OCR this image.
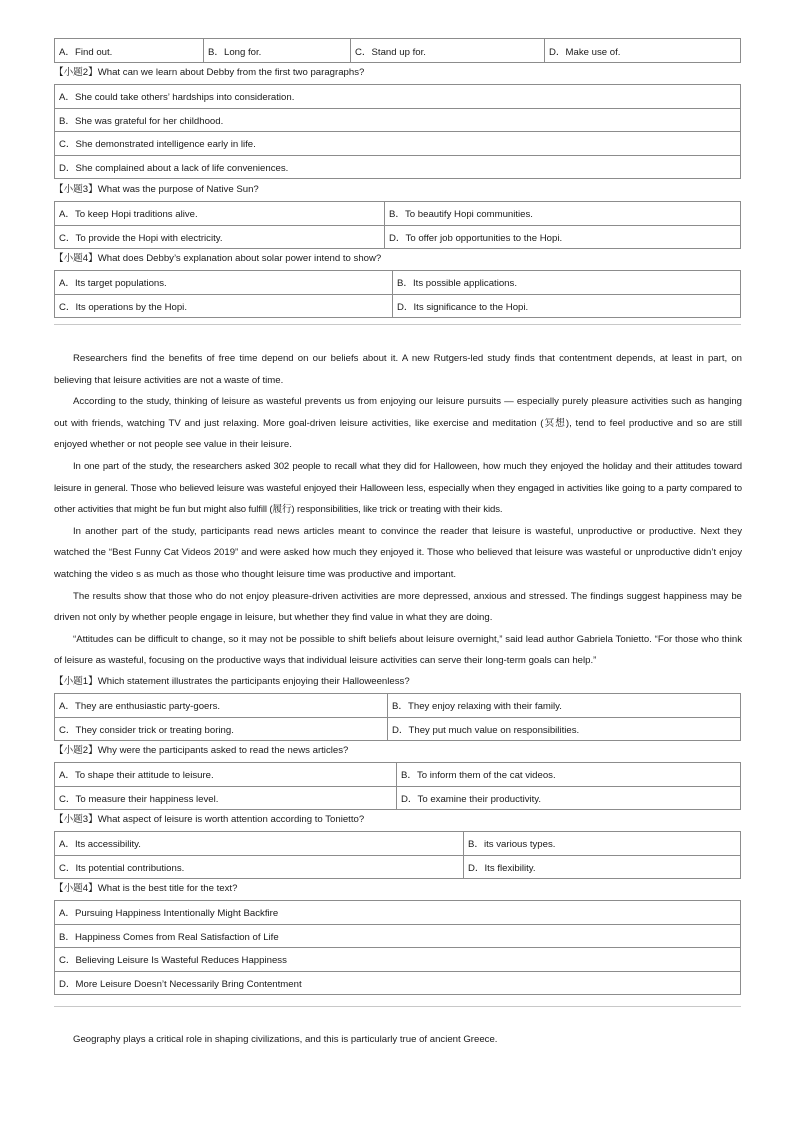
A．Find out.	B．Long for.	C．Stand up for.	D．Make use of.
【小题2】What can we learn about Debby from the first two paragraphs?
A．She could take others’ hardships into consideration.
B．She was grateful for her childhood.
C．She demonstrated intelligence early in life.
D．She complained about a lack of life conveniences.
【小题3】What was the purpose of Native Sun?
A．To keep Hopi traditions alive.	B．To beautify Hopi communities.
C．To provide the Hopi with electricity.	D．To offer job opportunities to the Hopi.
【小题4】What does Debby’s explanation about solar power intend to show?
A．Its target populations.	B．Its possible applications.
C．Its operations by the Hopi.	D．Its significance to the Hopi.

Researchers find the benefits of free time depend on our beliefs about it. A new Rutgers-led study finds that contentment depends, at least in part, on believing that leisure activities are not a waste of time.

According to the study, thinking of leisure as wasteful prevents us from enjoying our leisure pursuits — especially purely pleasure activities such as hanging out with friends, watching TV and just relaxing. More goal-driven leisure activities, like exercise and meditation (冥想), tend to feel productive and so are still enjoyed whether or not people see value in their leisure.

In one part of the study, the researchers asked 302 people to recall what they did for Halloween, how much they enjoyed the holiday and their attitudes toward leisure in general. Those who believed leisure was wasteful enjoyed their Halloween less, especially when they engaged in activities like going to a party compared to other activities that might be fun but might also fulfill (履行) responsibilities, like trick or treating with their kids.

In another part of the study, participants read news articles meant to convince the reader that leisure is wasteful, unproductive or productive. Next they watched the “Best Funny Cat Videos 2019” and were asked how much they enjoyed it. Those who believed that leisure was wasteful or unproductive didn’t enjoy watching the video s as much as those who thought leisure time was productive and important.

The results show that those who do not enjoy pleasure-driven activities are more depressed, anxious and stressed. The findings suggest happiness may be driven not only by whether people engage in leisure, but whether they find value in what they are doing.

“Attitudes can be difficult to change, so it may not be possible to shift beliefs about leisure overnight,” said lead author Gabriela Tonietto. “For those who think of leisure as wasteful, focusing on the productive ways that individual leisure activities can serve their long-term goals can help.”

【小题1】Which statement illustrates the participants enjoying their Halloweenless?
A．They are enthusiastic party-goers.	B．They enjoy relaxing with their family.
C．They consider trick or treating boring.	D．They put much value on responsibilities.
【小题2】Why were the participants asked to read the news articles?
A．To shape their attitude to leisure.	B．To inform them of the cat videos.
C．To measure their happiness level.	D．To examine their productivity.
【小题3】What aspect of leisure is worth attention according to Tonietto?
A．Its accessibility.	B．its various types.
C．Its potential contributions.	D．Its flexibility.
【小题4】What is the best title for the text?
A．Pursuing Happiness Intentionally Might Backfire
B．Happiness Comes from Real Satisfaction of Life
C．Believing Leisure Is Wasteful Reduces Happiness
D．More Leisure Doesn’t Necessarily Bring Contentment
Geography plays a critical role in shaping civilizations, and this is particularly true of ancient Greece.
